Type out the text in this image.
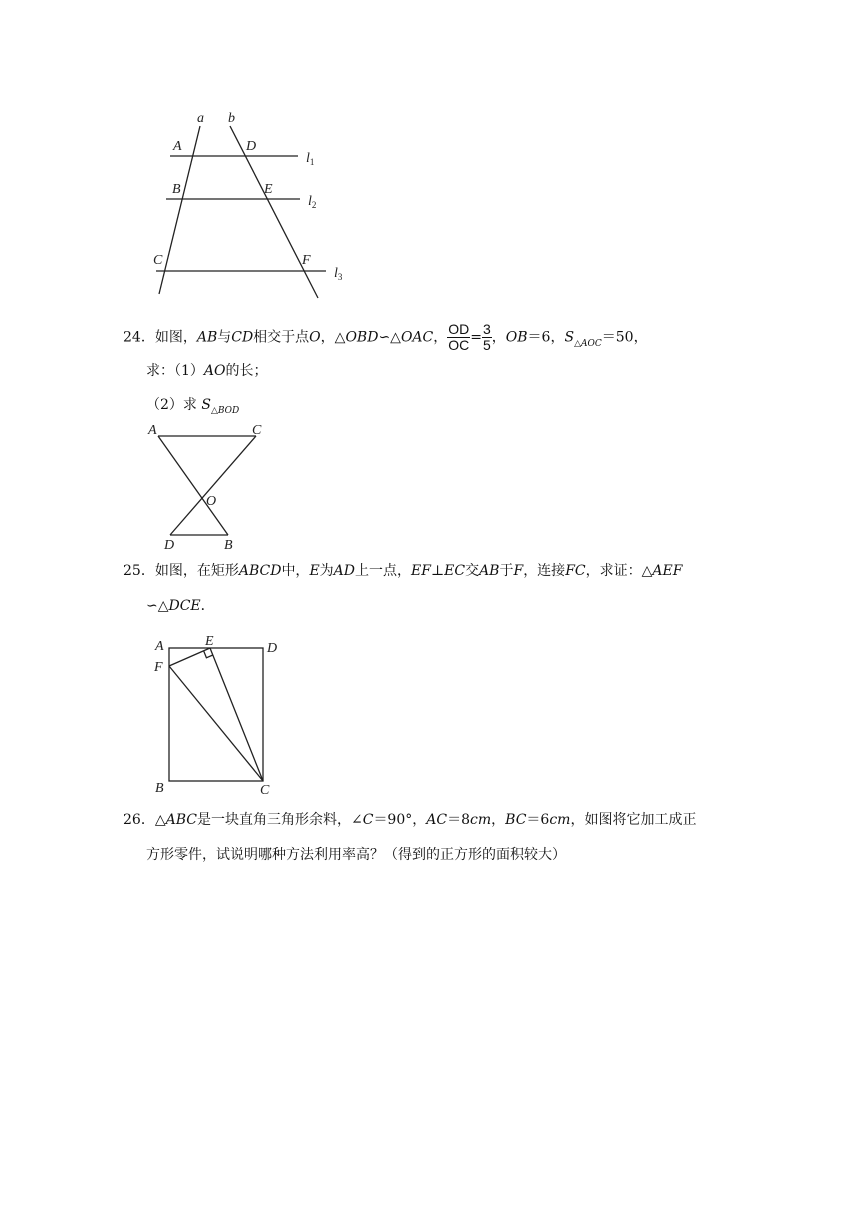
a b
A	D
B	E
C	F
$l_1$
$l_2$
$l_3$
24．如图，AB与CD相交于点O，△OBD∽△OAC， $\frac{OD}{OC} = \frac{3}{5}$ ，OB＝6，$S_{\triangle AOC}=50$，
求：（1）AO的长；
（2）求 $S_{\triangle BOD}$
A	C
O
D	B
25．如图，在矩形ABCD中，E为AD上一点，EF⊥EC交AB于F，连接FC，求证：△AEF
∽△DCE．
A	E	D
F
B	C
26．△ABC是一块直角三角形余料，∠C＝90°，AC＝8cm，BC＝6cm，如图将它加工成正
方形零件，试说明哪种方法利用率高？（得到的正方形的面积较大）
